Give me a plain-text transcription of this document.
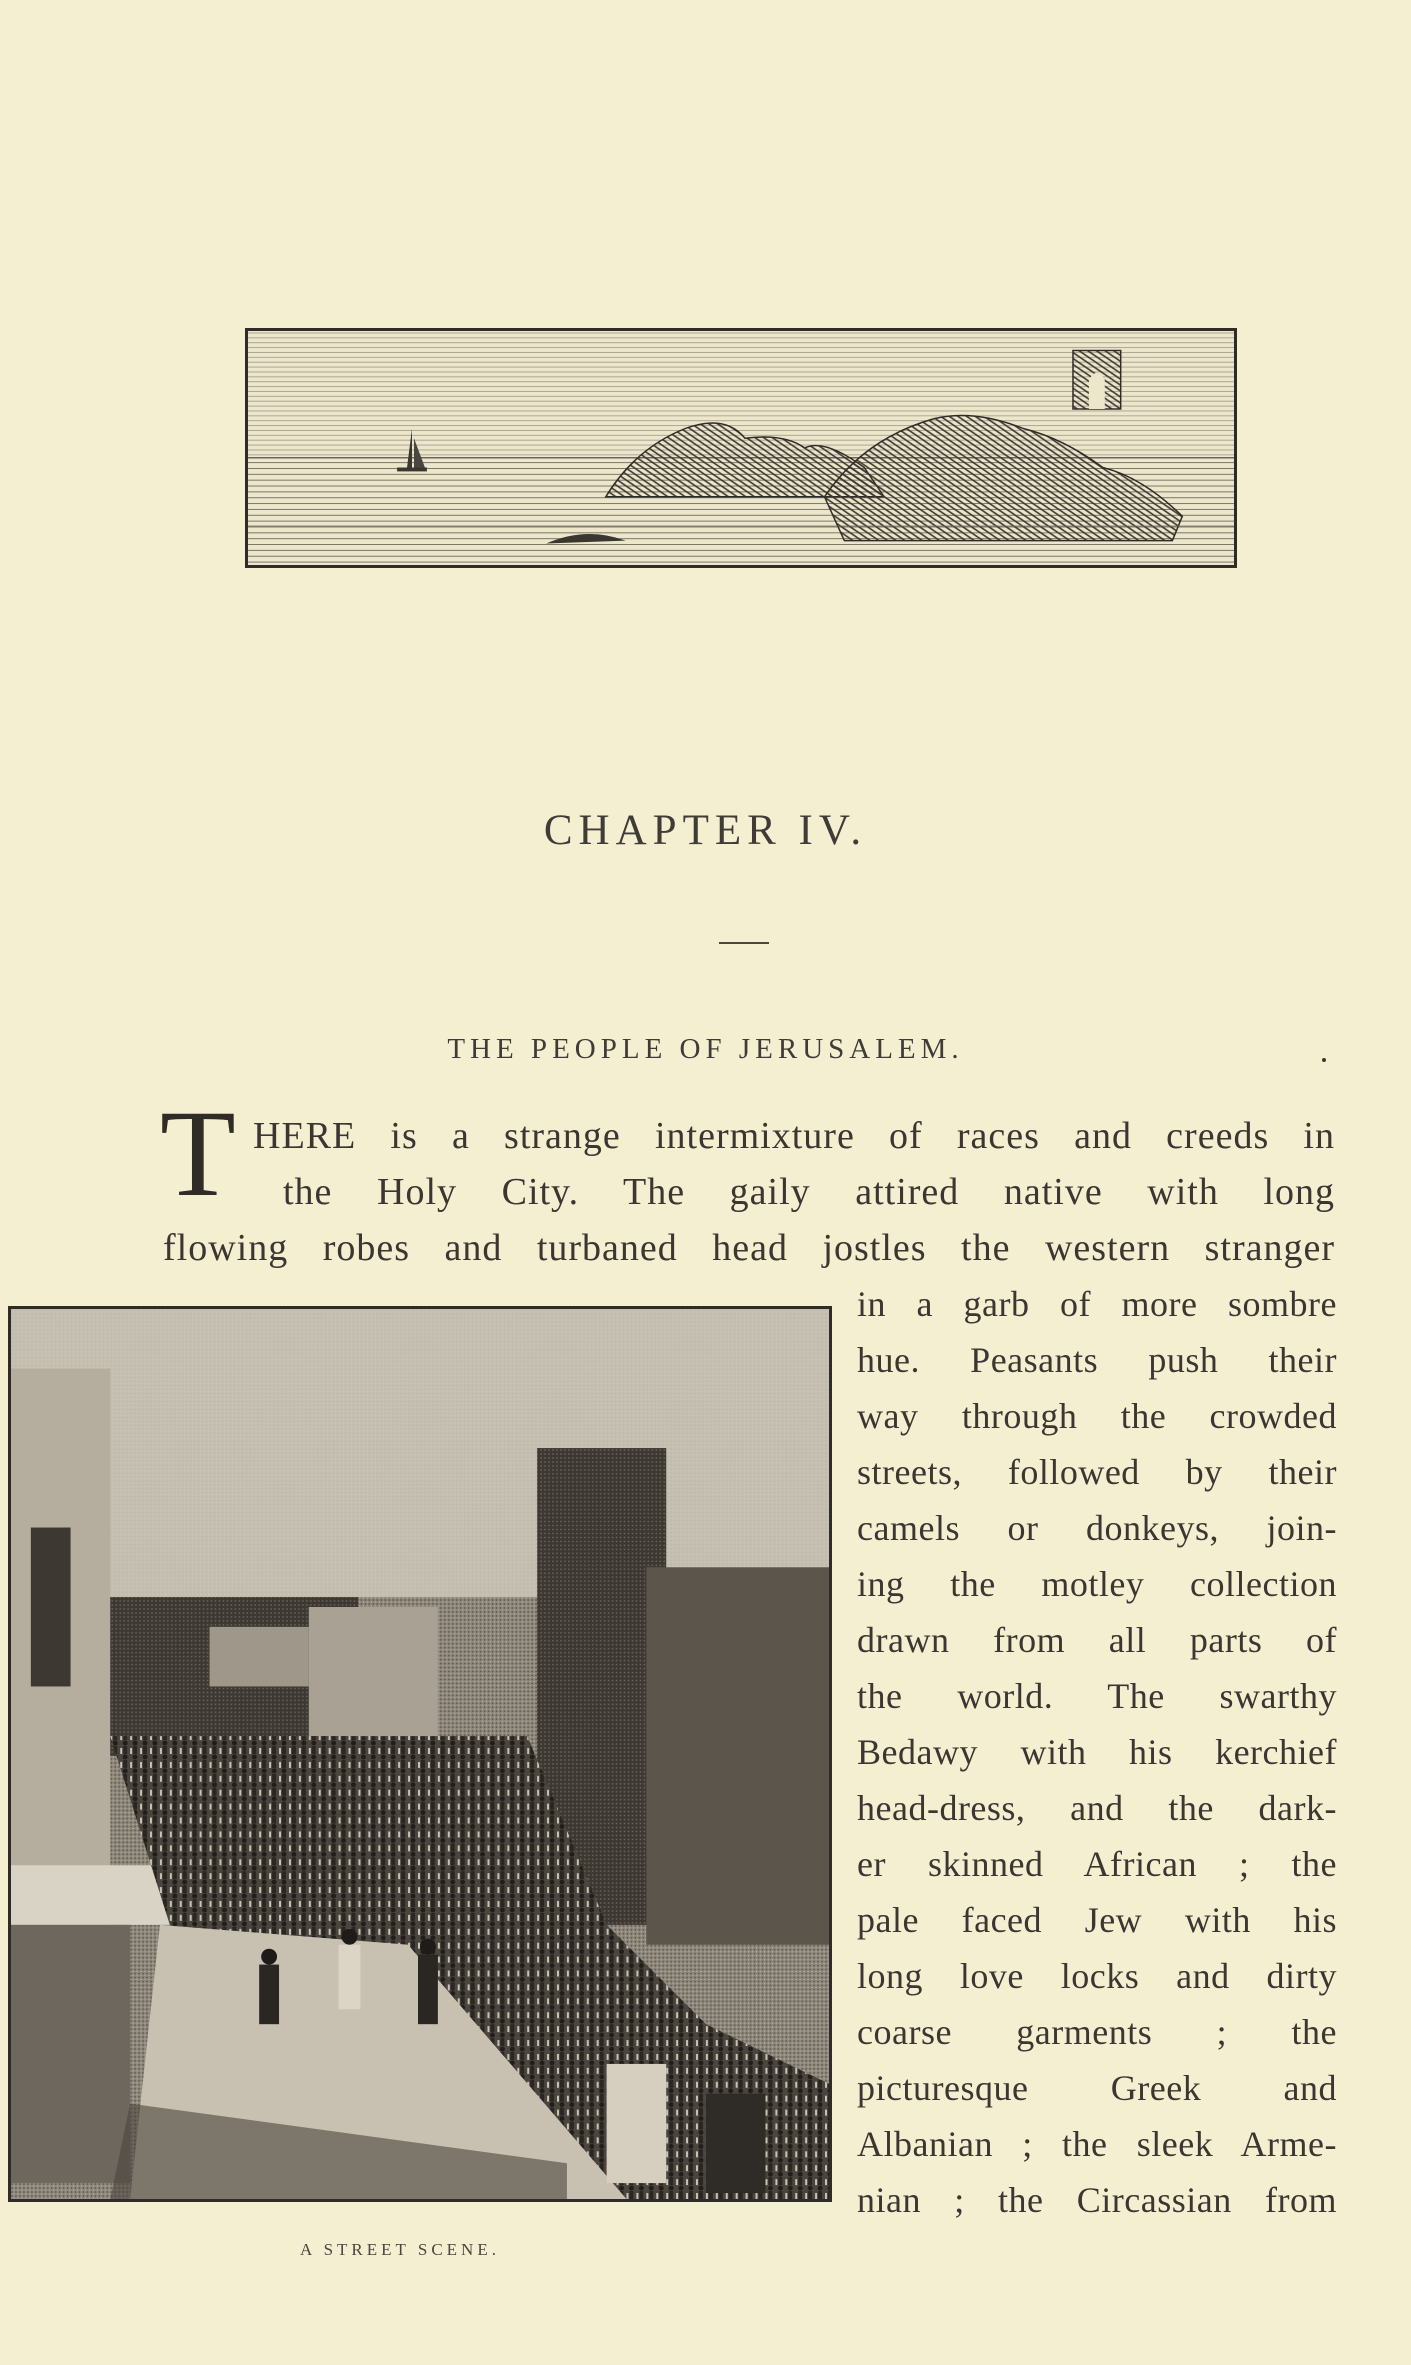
CHAPTER IV.
THE PEOPLE OF JERUSALEM.
T HERE is a strange intermixture of races and creeds in
the Holy City. The gaily attired native with long
flowing robes and turbaned head jostles the western stranger
in a garb of more sombre
hue. Peasants push their
way through the crowded
streets, followed by their
camels or donkeys, join-
ing the motley collection
drawn from all parts of
the world. The swarthy
Bedawy with his kerchief
head-dress, and the dark-
er skinned African ; the
pale faced Jew with his
long love locks and dirty
coarse garments ; the
picturesque Greek and
Albanian ; the sleek Arme-
nian ; the Circassian from
A STREET SCENE.
